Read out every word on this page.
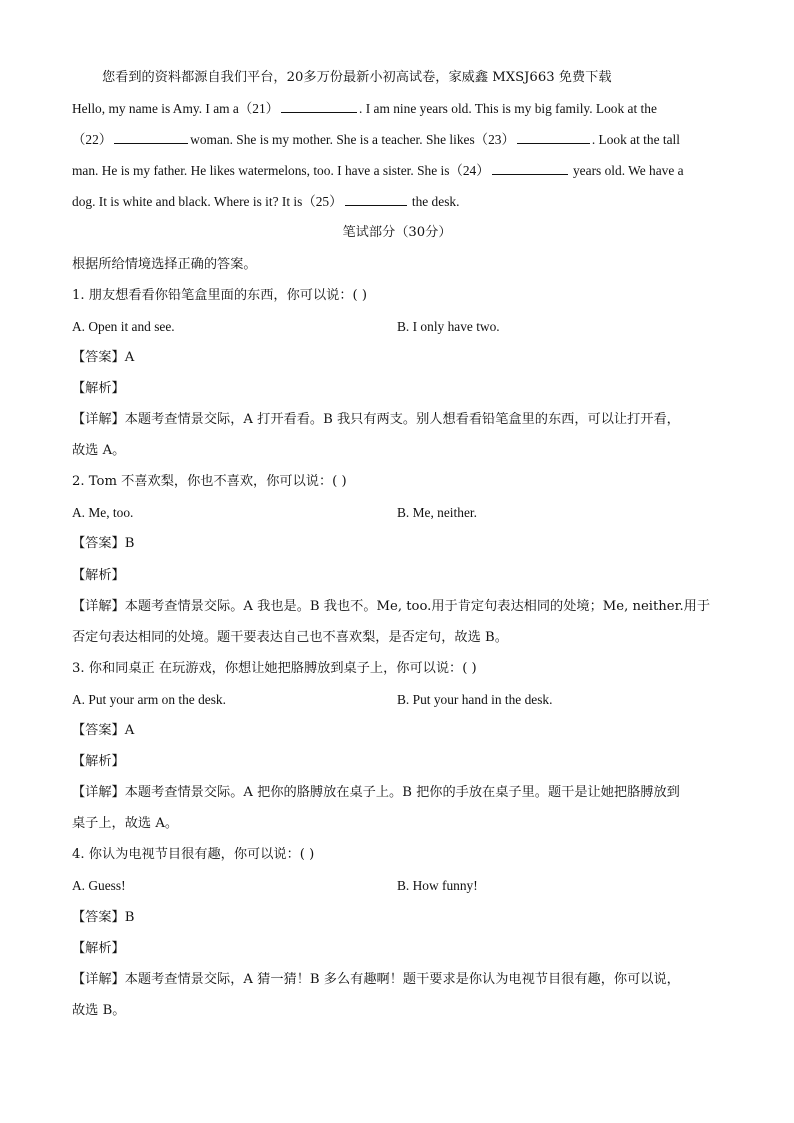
您看到的资料都源自我们平台，20多万份最新小初高试卷，家威鑫 MXSJ663 免费下载
Hello, my name is Amy. I am a（21）	. I am nine years old. This is my big family. Look at the
（22）	woman. She is my mother. She is a teacher. She likes（23）	. Look at the tall
man. He is my father. He likes watermelons, too. I have a sister. She is（24）	years old. We have a
dog. It is white and black. Where is it? It is（25）	the desk.
笔试部分（30分）
根据所给情境选择正确的答案。
1. 朋友想看看你铅笔盒里面的东西，你可以说：( )
A. Open it and see.	B. I only have two.
【答案】A
【解析】
【详解】本题考查情景交际，A 打开看看。B 我只有两支。别人想看看铅笔盒里的东西，可以让打开看，
故选 A。
2. Tom 不喜欢梨，你也不喜欢，你可以说：( )
A. Me, too.	B. Me, neither.
【答案】B
【解析】
【详解】本题考查情景交际。A 我也是。B 我也不。Me, too.用于肯定句表达相同的处境；Me, neither.用于
否定句表达相同的处境。题干要表达自己也不喜欢梨，是否定句，故选 B。
3. 你和同桌正 在玩游戏，你想让她把胳膊放到桌子上，你可以说：( )
A. Put your arm on the desk.	B. Put your hand in the desk.
【答案】A
【解析】
【详解】本题考查情景交际。A 把你的胳膊放在桌子上。B 把你的手放在桌子里。题干是让她把胳膊放到
桌子上，故选 A。
4. 你认为电视节目很有趣，你可以说：( )
A. Guess!	B. How funny!
【答案】B
【解析】
【详解】本题考查情景交际，A 猜一猜！B 多么有趣啊！题干要求是你认为电视节目很有趣，你可以说，
故选 B。
